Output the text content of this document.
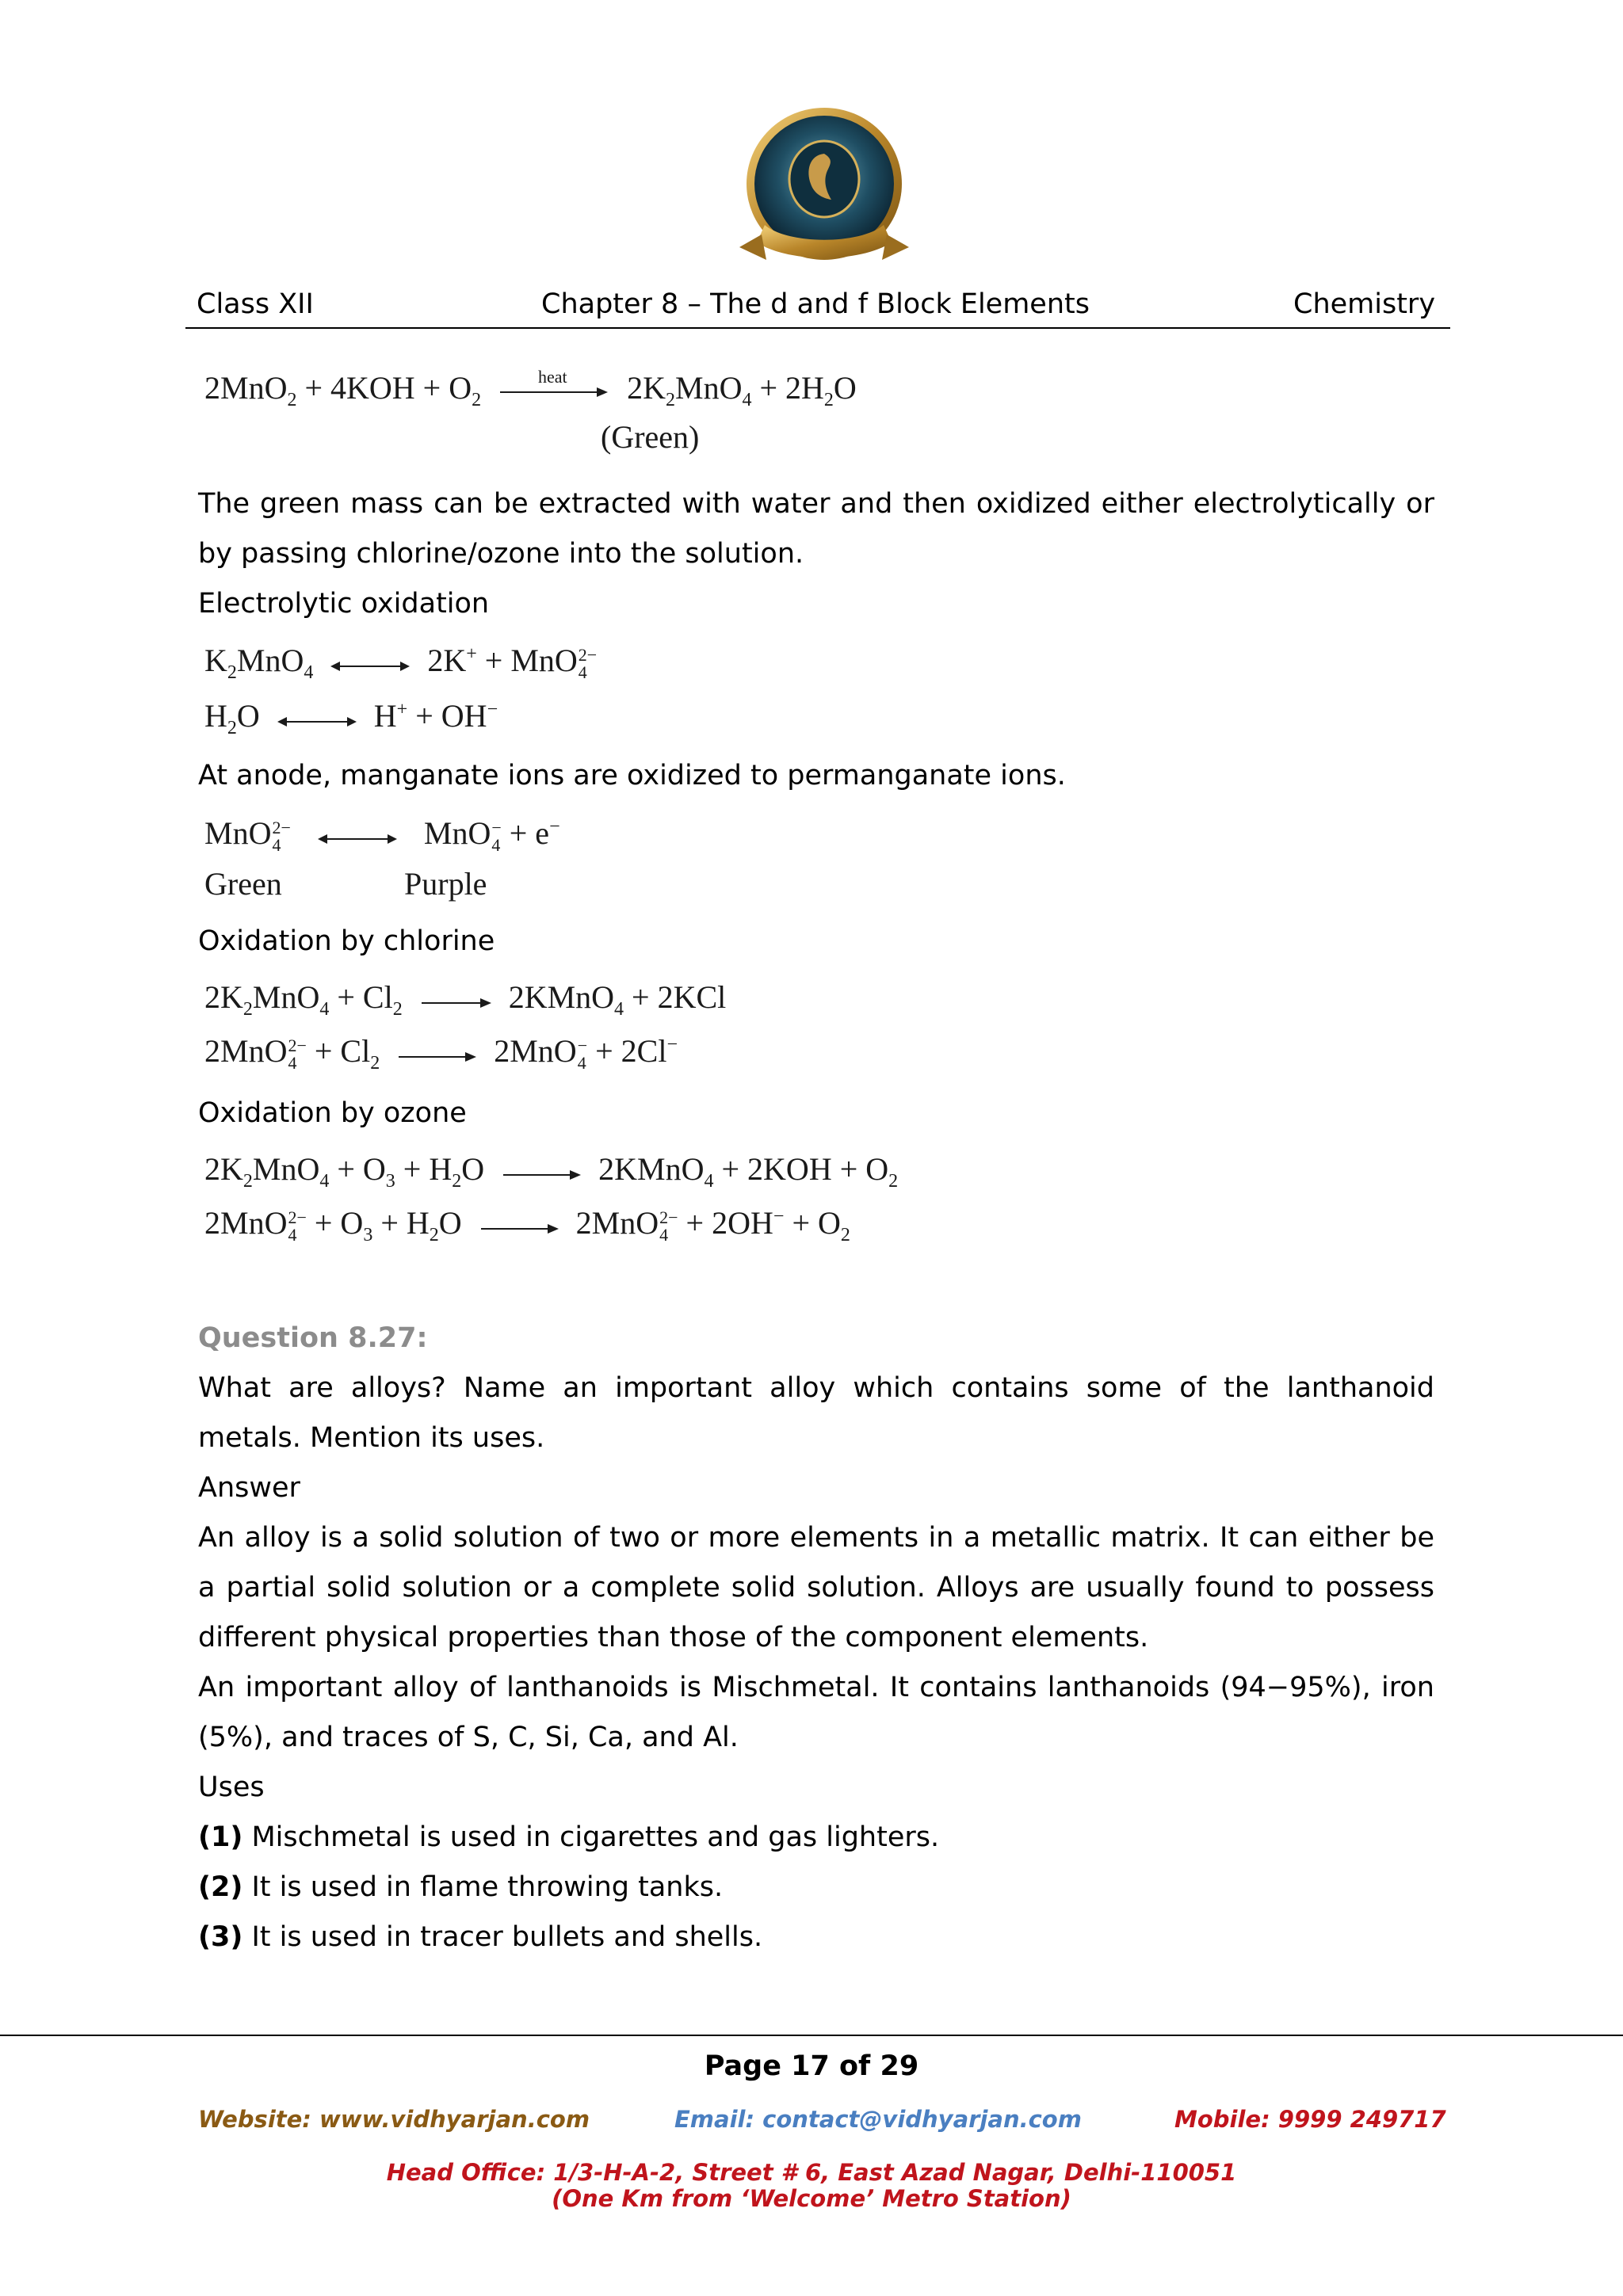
Class XII	Chapter 8 – The d and f Block Elements	Chemistry
$2MnO_2 + 4KOH + O_2$
heat $2K_2MnO_4 + 2H_2O$
(Green)
The green mass can be extracted with water and then oxidized either electrolytically or by passing chlorine/ozone into the solution.
Electrolytic oxidation
$K_2MnO_4$	2K+ + MnO 2−
4
$H_2O$	H+ + OH−
At anode, manganate ions are oxidized to permanganate ions.
MnO 2−
4	MnO −
4 + e−
Green	Purple
Oxidation by chlorine
$2K_2MnO_4 + Cl_2$	2KMnO$_4$ + 2KCl
2MnO 2−
$4 + Cl_2$	2MnO −
4 + 2Cl−
Oxidation by ozone
$2K_2MnO_4 + O_3 + H_2O$	2KMnO$_4$ + $2KOH + O_2$
2MnO 2−
$4 + O_3 + H_2O$	2MnO 2−
$4 + 2OH^- + O_2$
Question 8.27:
What are alloys? Name an important alloy which contains some of the lanthanoid metals. Mention its uses.
Answer
An alloy is a solid solution of two or more elements in a metallic matrix. It can either be a partial solid solution or a complete solid solution. Alloys are usually found to possess different physical properties than those of the component elements.
An important alloy of lanthanoids is Mischmetal. It contains lanthanoids (94−95%), iron (5%), and traces of S, C, Si, Ca, and Al.
Uses
(1) Mischmetal is used in cigarettes and gas lighters.
(2) It is used in flame throwing tanks.
(3) It is used in tracer bullets and shells.
Page 17 of 29
Website: www.vidhyarjan.com	Email: contact@vidhyarjan.com	Mobile: 9999 249717
Head Office: 1/3-H-A-2, Street # 6, East Azad Nagar, Delhi-110051
(One Km from ‘Welcome’ Metro Station)
